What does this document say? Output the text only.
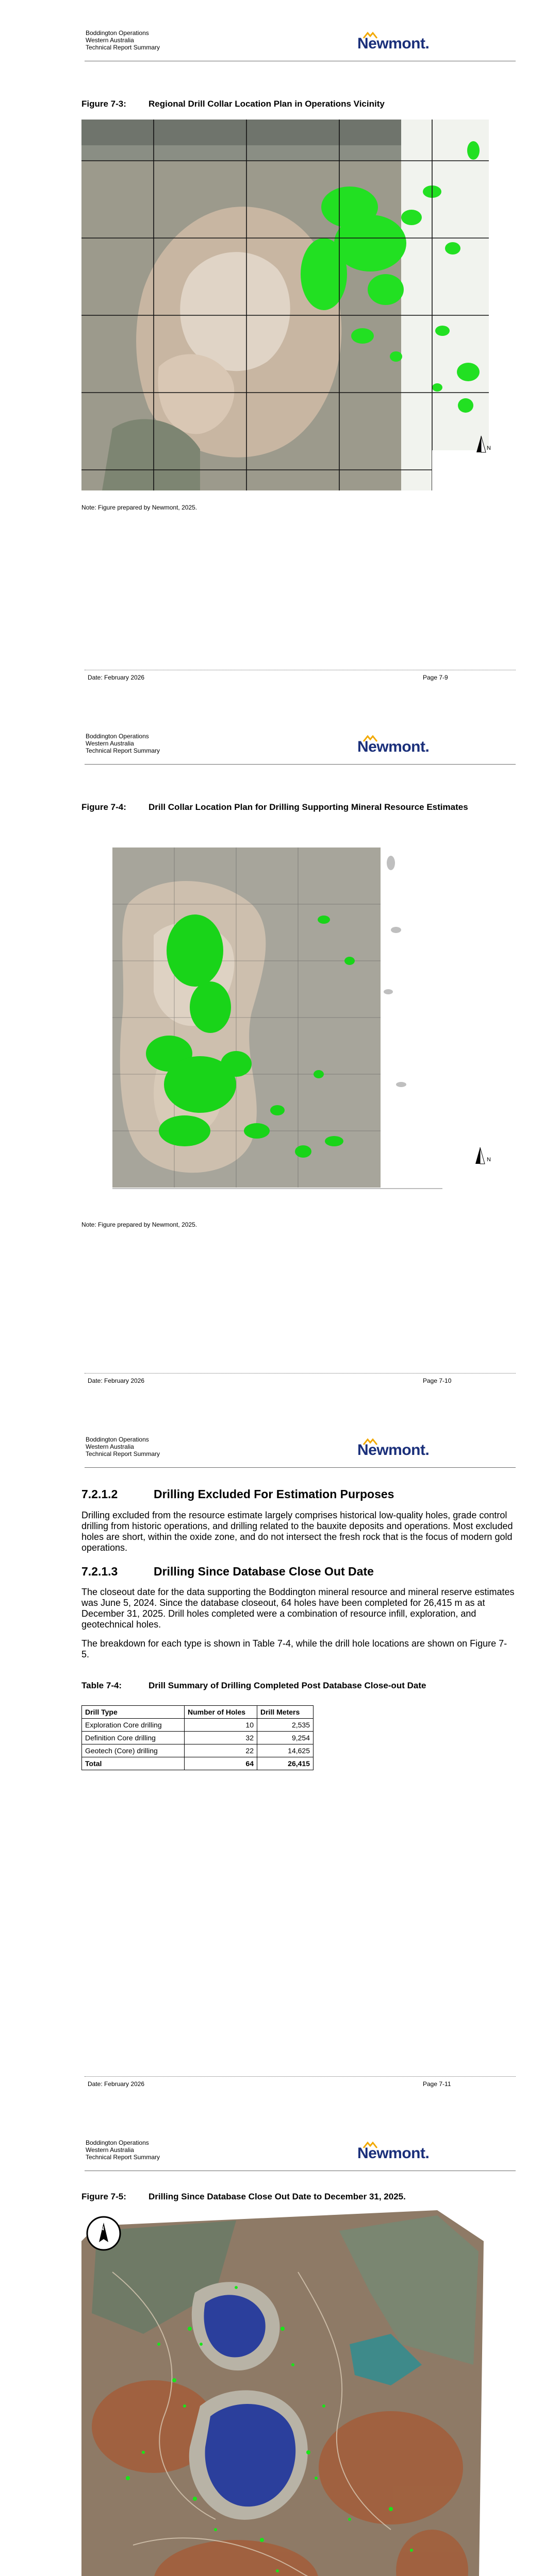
Boddington Operations
Western Australia
Technical Report Summary	Newmont.
Figure 7-3:	Regional Drill Collar Location Plan in Operations Vicinity
N
Note: Figure prepared by Newmont, 2025.
Date: February 2026	Page 7-9
Boddington Operations
Western Australia
Technical Report Summary	Newmont.
Figure 7-4:	Drill Collar Location Plan for Drilling Supporting Mineral Resource Estimates
N
Note: Figure prepared by Newmont, 2025.
Date: February 2026	Page 7-10
Boddington Operations
Western Australia
Technical Report Summary	Newmont.
7.2.1.2	Drilling Excluded For Estimation Purposes

Drilling excluded from the resource estimate largely comprises historical low-quality holes, grade control drilling from historic operations, and drilling related to the bauxite deposits and operations. Most excluded holes are short, within the oxide zone, and do not intersect the fresh rock that is the focus of modern gold operations.

7.2.1.3	Drilling Since Database Close Out Date

The closeout date for the data supporting the Boddington mineral resource and mineral reserve estimates was June 5, 2024. Since the database closeout, 64 holes have been completed for 26,415 m as at December 31, 2025. Drill holes completed were a combination of resource infill, exploration, and geotechnical holes.

The breakdown for each type is shown in Table 7-4, while the drill hole locations are shown on Figure 7-5.

Table 7-4:	Drill Summary of Drilling Completed Post Database Close-out Date
Drill Type	Number of Holes	Drill Meters
Exploration Core drilling	10	2,535
Definition Core drilling	32	9,254
Geotech (Core) drilling	22	14,625
Total	64	26,415
Date: February 2026	Page 7-11
Boddington Operations
Western Australia
Technical Report Summary	Newmont.
Figure 7-5:	Drilling Since Database Close Out Date to December 31, 2025.
N
